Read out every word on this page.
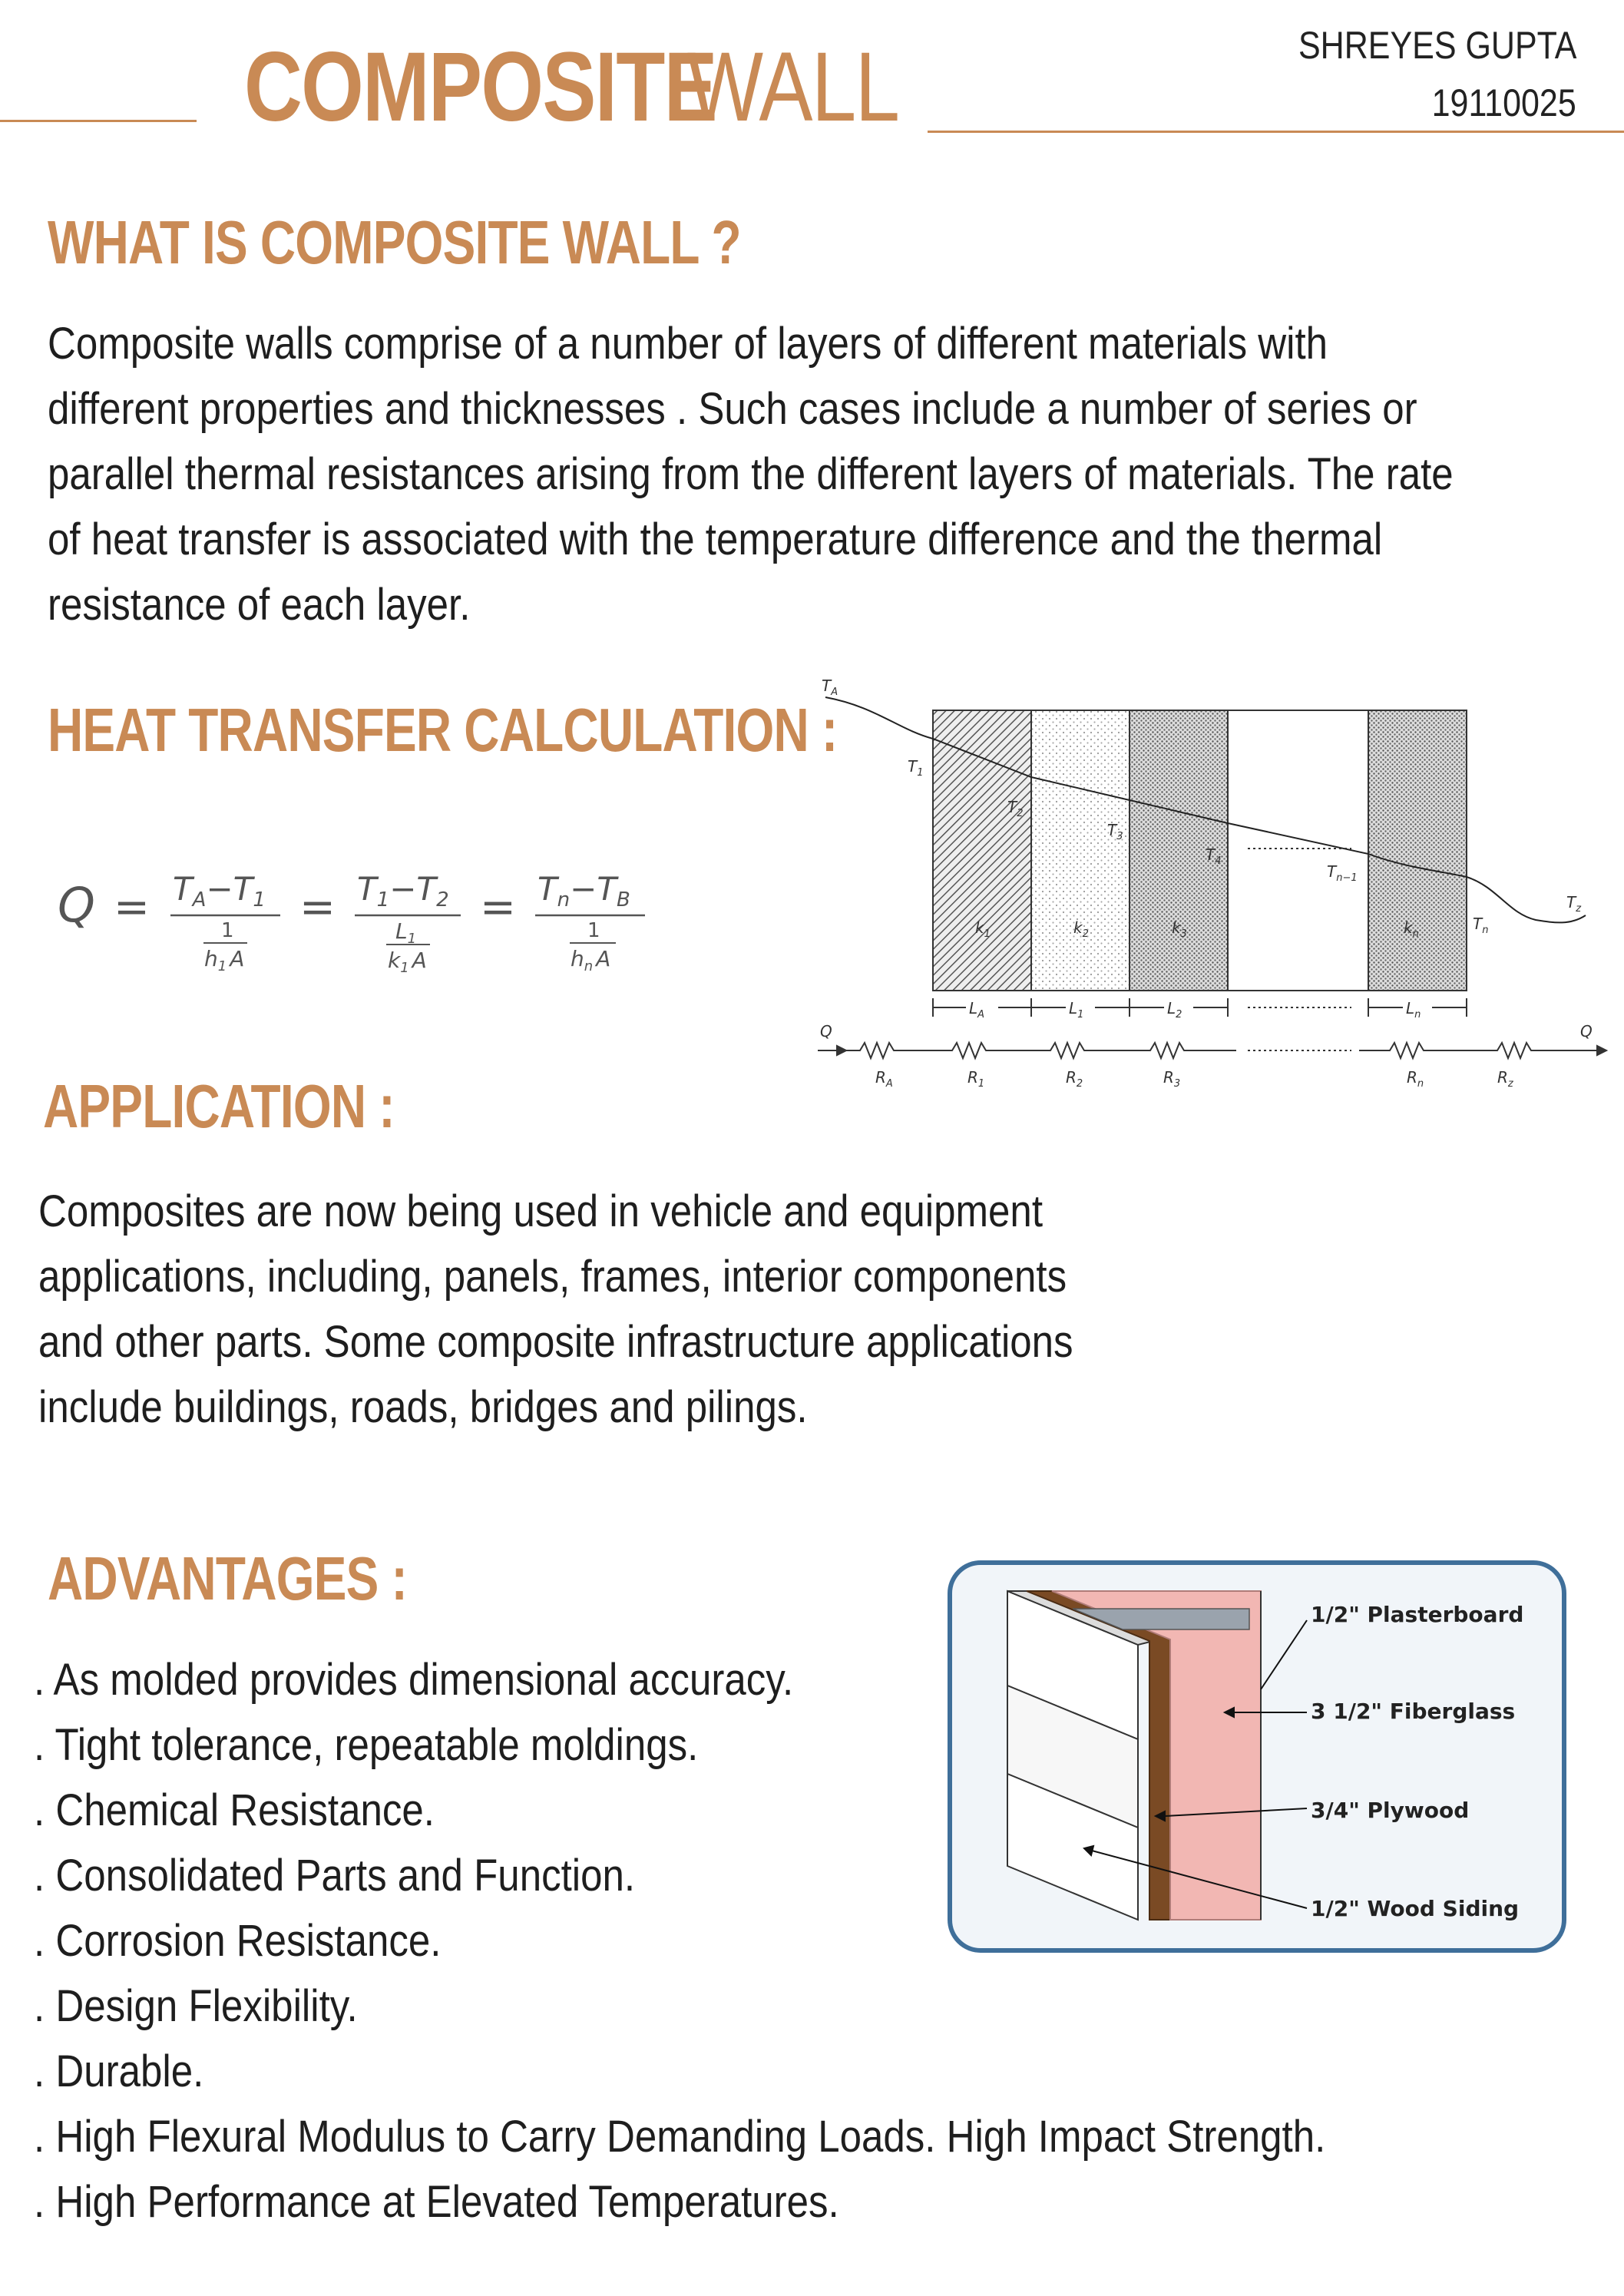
COMPOSITE
WALL	SHREYES GUPTA
19110025
WHAT IS COMPOSITE WALL ?
Composite walls comprise of a number of layers of different materials with
different properties and thicknesses . Such cases include a number of series or
parallel thermal resistances arising from the different layers of materials. The rate
of heat transfer is associated with the temperature difference and the thermal
resistance of each layer.
HEAT TRANSFER CALCULATION :
Q = TA−T1
1
$h_1$ A
= T1−T2
$L_1$
$k_1$ A
= Tn−TB
1
$h_n$ A
$T_A$
$T_1$
$T_2$
$T_3$
$T_4$
$T_{n-1}$
$T_n$
$T_z$
$k_1$	$k_2$	$k_3$	$k_n$
$L_A$	$L_1$	$L_2$	$L_n$
Q	Q
$R_A$	$R_1$	$R_2$	$R_3$	$R_n$	$R_z$
APPLICATION :
Composites are now being used in vehicle and equipment
applications, including, panels, frames, interior components
and other parts. Some composite infrastructure applications
include buildings, roads, bridges and pilings.
ADVANTAGES :
. As molded provides dimensional accuracy.
. Tight tolerance, repeatable moldings.
. Chemical Resistance.
. Consolidated Parts and Function.
. Corrosion Resistance.
. Design Flexibility.
. Durable.
. High Flexural Modulus to Carry Demanding Loads. High Impact Strength.
. High Performance at Elevated Temperatures.
1/2" Plasterboard
3 1/2" Fiberglass
3/4" Plywood
1/2" Wood Siding
